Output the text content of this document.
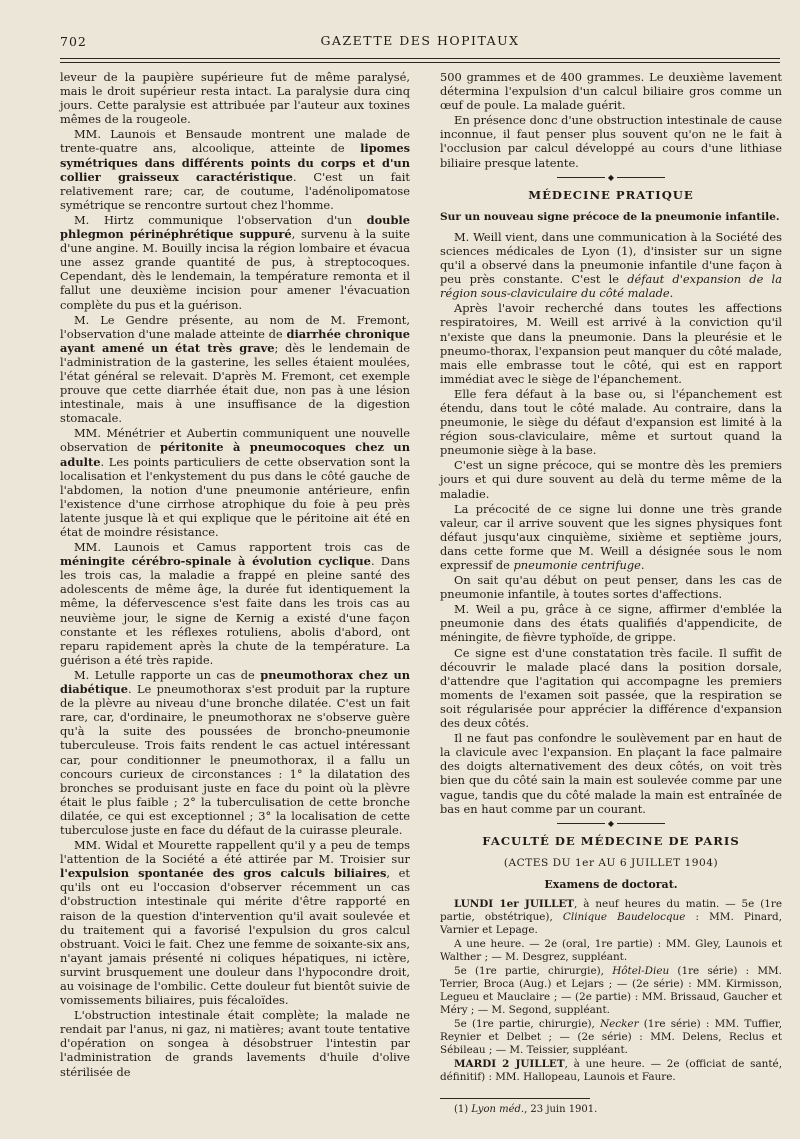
702	GAZETTE DES HOPITAUX

leveur de la paupière supérieure fut de même paralysé, mais le droit supérieur resta intact. La paralysie dura cinq jours. Cette paralysie est attribuée par l'auteur aux toxines mêmes de la rougeole.

MM. Launois et Bensaude montrent une malade de trente-quatre ans, alcoolique, atteinte de lipomes symétriques dans différents points du corps et d'un collier graisseux caractéristique. C'est un fait relativement rare; car, de coutume, l'adénolipomatose symétrique se rencontre surtout chez l'homme.

M. Hirtz communique l'observation d'un double phlegmon périnéphrétique suppuré, survenu à la suite d'une angine. M. Bouilly incisa la région lombaire et évacua une assez grande quantité de pus, à streptocoques. Cependant, dès le lendemain, la température remonta et il fallut une deuxième incision pour amener l'évacuation complète du pus et la guérison.

M. Le Gendre présente, au nom de M. Fremont, l'observation d'une malade atteinte de diarrhée chronique ayant amené un état très grave; dès le lendemain de l'administration de la gasterine, les selles étaient moulées, l'état général se relevait. D'après M. Fremont, cet exemple prouve que cette diarrhée était due, non pas à une lésion intestinale, mais à une insuffisance de la digestion stomacale.

MM. Ménétrier et Aubertin communiquent une nouvelle observation de péritonite à pneumocoques chez un adulte. Les points particuliers de cette observation sont la localisation et l'enkystement du pus dans le côté gauche de l'abdomen, la notion d'une pneumonie antérieure, enfin l'existence d'une cirrhose atrophique du foie à peu près latente jusque là et qui explique que le péritoine ait été en état de moindre résistance.

MM. Launois et Camus rapportent trois cas de méningite cérébro-spinale à évolution cyclique. Dans les trois cas, la maladie a frappé en pleine santé des adolescents de même âge, la durée fut identiquement la même, la défervescence s'est faite dans les trois cas au neuvième jour, le signe de Kernig a existé d'une façon constante et les réflexes rotuliens, abolis d'abord, ont reparu rapidement après la chute de la température. La guérison a été très rapide.

M. Letulle rapporte un cas de pneumothorax chez un diabétique. Le pneumothorax s'est produit par la rupture de la plèvre au niveau d'une bronche dilatée. C'est un fait rare, car, d'ordinaire, le pneumothorax ne s'observe guère qu'à la suite des poussées de broncho-pneumonie tuberculeuse. Trois faits rendent le cas actuel intéressant car, pour conditionner le pneumothorax, il a fallu un concours curieux de circonstances : 1° la dilatation des bronches se produisant juste en face du point où la plèvre était le plus faible ; 2° la tuberculisation de cette bronche dilatée, ce qui est exceptionnel ; 3° la localisation de cette tuberculose juste en face du défaut de la cuirasse pleurale.

MM. Widal et Mourette rappellent qu'il y a peu de temps l'attention de la Société a été attirée par M. Troisier sur l'expulsion spontanée des gros calculs biliaires, et qu'ils ont eu l'occasion d'observer récemment un cas d'obstruction intestinale qui mérite d'être rapporté en raison de la question d'intervention qu'il avait soulevée et du traitement qui a favorisé l'expulsion du gros calcul obstruant. Voici le fait. Chez une femme de soixante-six ans, n'ayant jamais présenté ni coliques hépatiques, ni ictère, survint brusquement une douleur dans l'hypocondre droit, au voisinage de l'ombilic. Cette douleur fut bientôt suivie de vomissements biliaires, puis fécaloïdes.

L'obstruction intestinale était complète; la malade ne rendait par l'anus, ni gaz, ni matières; avant toute tentative d'opération on songea à désobstruer l'intestin par l'administration de grands lavements d'huile d'olive stérilisée de

500 grammes et de 400 grammes. Le deuxième lavement détermina l'expulsion d'un calcul biliaire gros comme un œuf de poule. La malade guérit.

En présence donc d'une obstruction intestinale de cause inconnue, il faut penser plus souvent qu'on ne le fait à l'occlusion par calcul développé au cours d'une lithiase biliaire presque latente.

◆
MÉDECINE PRATIQUE
Sur un nouveau signe précoce de la pneumonie infantile.

M. Weill vient, dans une communication à la Société des sciences médicales de Lyon (1), d'insister sur un signe qu'il a observé dans la pneumonie infantile d'une façon à peu près constante. C'est le défaut d'expansion de la région sous-claviculaire du côté malade.

Après l'avoir recherché dans toutes les affections respiratoires, M. Weill est arrivé à la conviction qu'il n'existe que dans la pneumonie. Dans la pleurésie et le pneumo-thorax, l'expansion peut manquer du côté malade, mais elle embrasse tout le côté, qui est en rapport immédiat avec le siège de l'épanchement.

Elle fera défaut à la base ou, si l'épanchement est étendu, dans tout le côté malade. Au contraire, dans la pneumonie, le siège du défaut d'expansion est limité à la région sous-claviculaire, même et surtout quand la pneumonie siège à la base.

C'est un signe précoce, qui se montre dès les premiers jours et qui dure souvent au delà du terme même de la maladie.

La précocité de ce signe lui donne une très grande valeur, car il arrive souvent que les signes physiques font défaut jusqu'aux cinquième, sixième et septième jours, dans cette forme que M. Weill a désignée sous le nom expressif de pneumonie centrifuge.

On sait qu'au début on peut penser, dans les cas de pneumonie infantile, à toutes sortes d'affections.

M. Weil a pu, grâce à ce signe, affirmer d'emblée la pneumonie dans des états qualifiés d'appendicite, de méningite, de fièvre typhoïde, de grippe.

Ce signe est d'une constatation très facile. Il suffit de découvrir le malade placé dans la position dorsale, d'attendre que l'agitation qui accompagne les premiers moments de l'examen soit passée, que la respiration se soit régularisée pour apprécier la différence d'expansion des deux côtés.

Il ne faut pas confondre le soulèvement par en haut de la clavicule avec l'expansion. En plaçant la face palmaire des doigts alternativement des deux côtés, on voit très bien que du côté sain la main est soulevée comme par une vague, tandis que du côté malade la main est entraînée de bas en haut comme par un courant.

◆
FACULTÉ DE MÉDECINE DE PARIS
(ACTES DU 1er AU 6 JUILLET 1904)
Examens de doctorat.

LUNDI 1er JUILLET, à neuf heures du matin. — 5e (1re partie, obstétrique), Clinique Baudelocque : MM. Pinard, Varnier et Lepage.

A une heure. — 2e (oral, 1re partie) : MM. Gley, Launois et Walther ; — M. Desgrez, suppléant.

5e (1re partie, chirurgie), Hôtel-Dieu (1re série) : MM. Terrier, Broca (Aug.) et Lejars ; — (2e série) : MM. Kirmisson, Legueu et Mauclaire ; — (2e partie) : MM. Brissaud, Gaucher et Méry ; — M. Segond, suppléant.

5e (1re partie, chirurgie), Necker (1re série) : MM. Tuffier, Reynier et Delbet ; — (2e série) : MM. Delens, Reclus et Sébileau ; — M. Teissier, suppléant.

MARDI 2 JUILLET, à une heure. — 2e (officiat de santé, définitif) : MM. Hallopeau, Launois et Faure.

(1) Lyon méd., 23 juin 1901.
